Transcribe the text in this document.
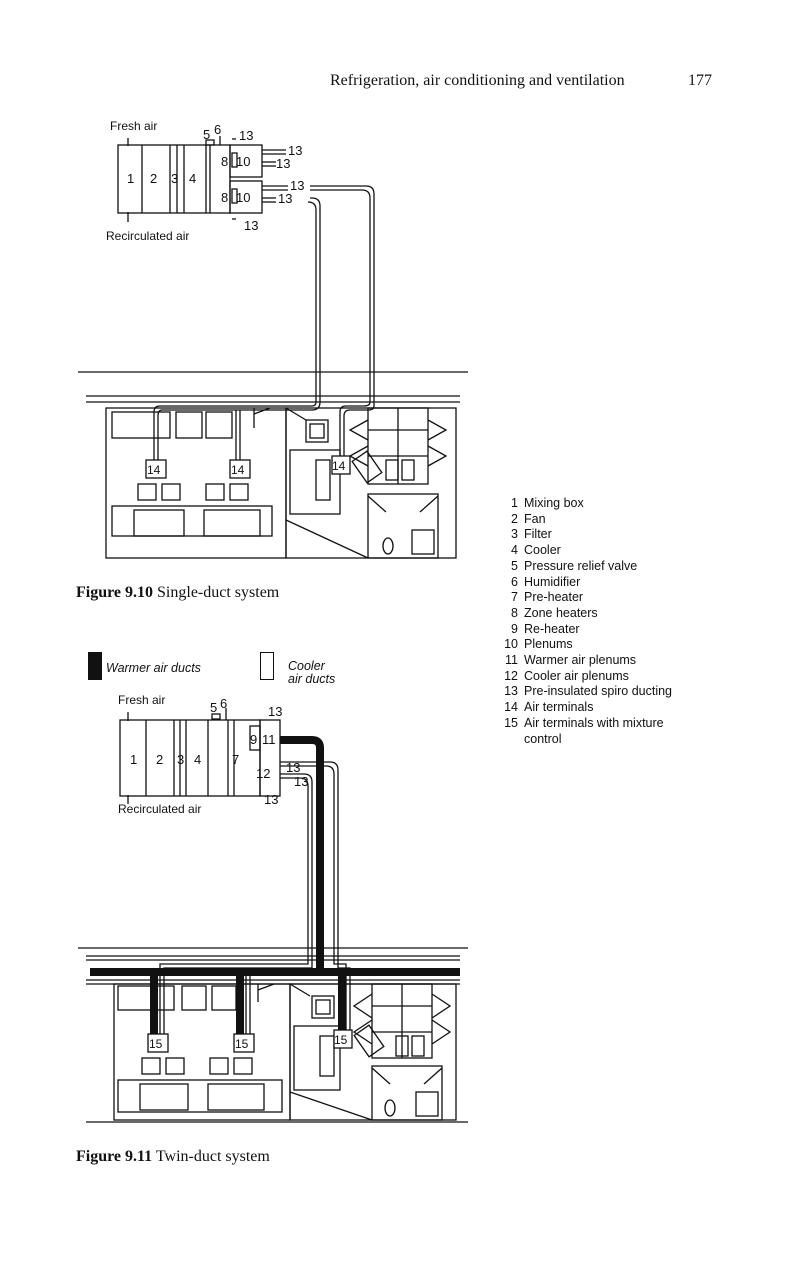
Refrigeration, air conditioning and ventilation	177
Fresh air
Recirculated air
1 2 3 4
5 6
8 10
8 10
13
13
13
13
13
13
14	14	14
Figure 9.10 Single-duct system
1 Mixing box
2 Fan
3 Filter
4 Cooler
5 Pressure relief valve
6 Humidifier
7 Pre-heater
8 Zone heaters
9 Re-heater
10 Plenums
11 Warmer air plenums
12 Cooler air plenums
13 Pre-insulated spiro ducting
14 Air terminals
15 Air terminals with mixture control
Warmer air ducts	Cooler
air ducts
Fresh air
Recirculated air
1 2 3 4
5 6
7
9 11
12
13
13
13
13
15	15	15
Figure 9.11 Twin-duct system
